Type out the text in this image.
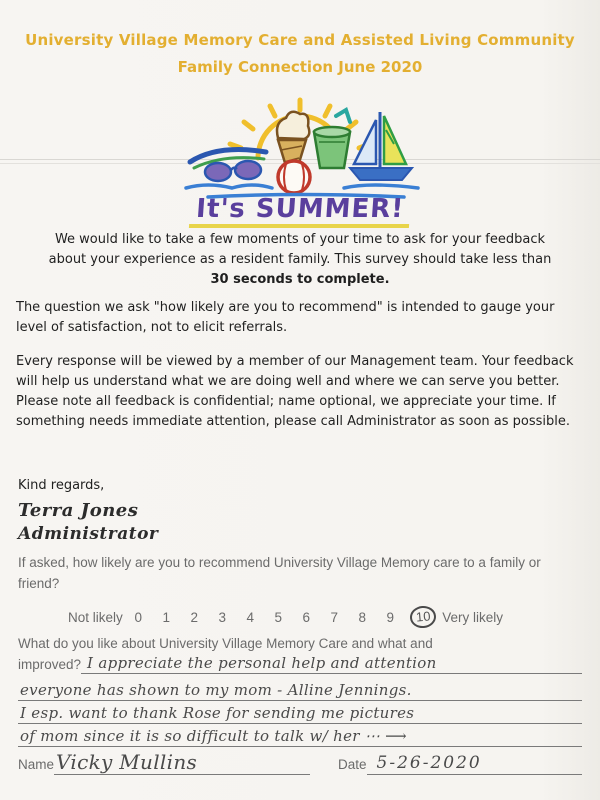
University Village Memory Care and Assisted Living Community
Family Connection June 2020
It's SUMMER!
We would like to take a few moments of your time to ask for your feedback
about your experience as a resident family. This survey should take less than
30 seconds to complete.
The question we ask "how likely are you to recommend" is intended to gauge your level of satisfaction, not to elicit referrals.
Every response will be viewed by a member of our Management team. Your feedback will help us understand what we are doing well and where we can serve you better. Please note all feedback is confidential; name optional, we appreciate your time. If something needs immediate attention, please call Administrator as soon as possible.
Kind regards,
Terra Jones
Administrator
If asked, how likely are you to recommend University Village Memory care to a family or friend?
Not likely 0 1 2 3 4 5 6 7 8 9	10 Very likely
What do you like about University Village Memory Care and what and
improved? I appreciate the personal help and attention
everyone has shown to my mom - Alline Jennings.
I esp. want to thank Rose for sending me pictures
of mom since it is so difficult to talk w/ her ⋯ ⟶
Name Vicky Mullins	Date 5-26-2020
